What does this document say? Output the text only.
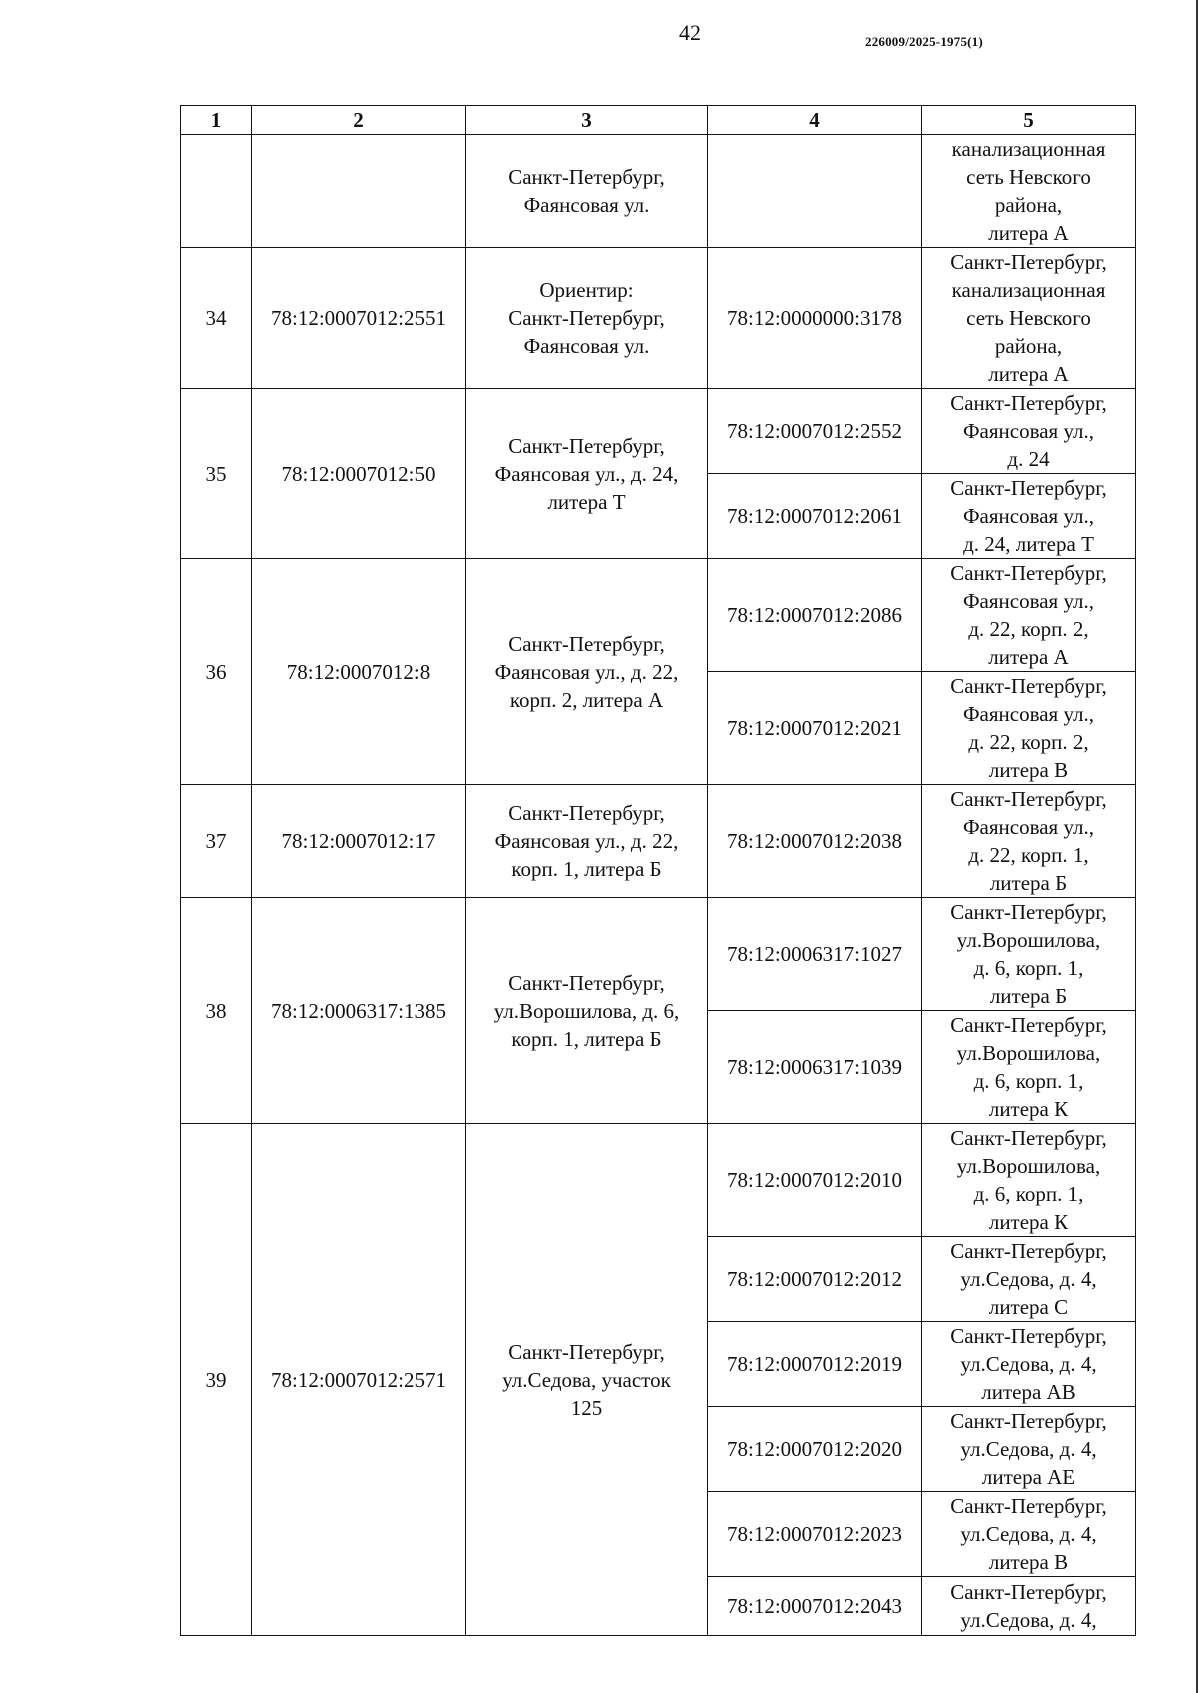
42	226009/2025-1975(1)
1	2	3	4	5
		Санкт-Петербург,
Фаянсовая ул.		канализационная
сеть Невского
района,
литера А
34	78:12:0007012:2551	Ориентир:
Санкт-Петербург,
Фаянсовая ул.	78:12:0000000:3178	Санкт-Петербург,
канализационная
сеть Невского
района,
литера А
35	78:12:0007012:50	Санкт-Петербург,
Фаянсовая ул., д. 24,
литера Т	78:12:0007012:2552	Санкт-Петербург,
Фаянсовая ул.,
д. 24
			78:12:0007012:2061	Санкт-Петербург,
Фаянсовая ул.,
д. 24, литера Т
36	78:12:0007012:8	Санкт-Петербург,
Фаянсовая ул., д. 22,
корп. 2, литера А	78:12:0007012:2086	Санкт-Петербург,
Фаянсовая ул.,
д. 22, корп. 2,
литера А
			78:12:0007012:2021	Санкт-Петербург,
Фаянсовая ул.,
д. 22, корп. 2,
литера В
37	78:12:0007012:17	Санкт-Петербург,
Фаянсовая ул., д. 22,
корп. 1, литера Б	78:12:0007012:2038	Санкт-Петербург,
Фаянсовая ул.,
д. 22, корп. 1,
литера Б
38	78:12:0006317:1385	Санкт-Петербург,
ул.Ворошилова, д. 6,
корп. 1, литера Б	78:12:0006317:1027	Санкт-Петербург,
ул.Ворошилова,
д. 6, корп. 1,
литера Б
			78:12:0006317:1039	Санкт-Петербург,
ул.Ворошилова,
д. 6, корп. 1,
литера К
39	78:12:0007012:2571	Санкт-Петербург,
ул.Седова, участок
125	78:12:0007012:2010	Санкт-Петербург,
ул.Ворошилова,
д. 6, корп. 1,
литера К
			78:12:0007012:2012	Санкт-Петербург,
ул.Седова, д. 4,
литера С
			78:12:0007012:2019	Санкт-Петербург,
ул.Седова, д. 4,
литера АВ
			78:12:0007012:2020	Санкт-Петербург,
ул.Седова, д. 4,
литера АЕ
			78:12:0007012:2023	Санкт-Петербург,
ул.Седова, д. 4,
литера В
			78:12:0007012:2043	Санкт-Петербург,
ул.Седова, д. 4,
